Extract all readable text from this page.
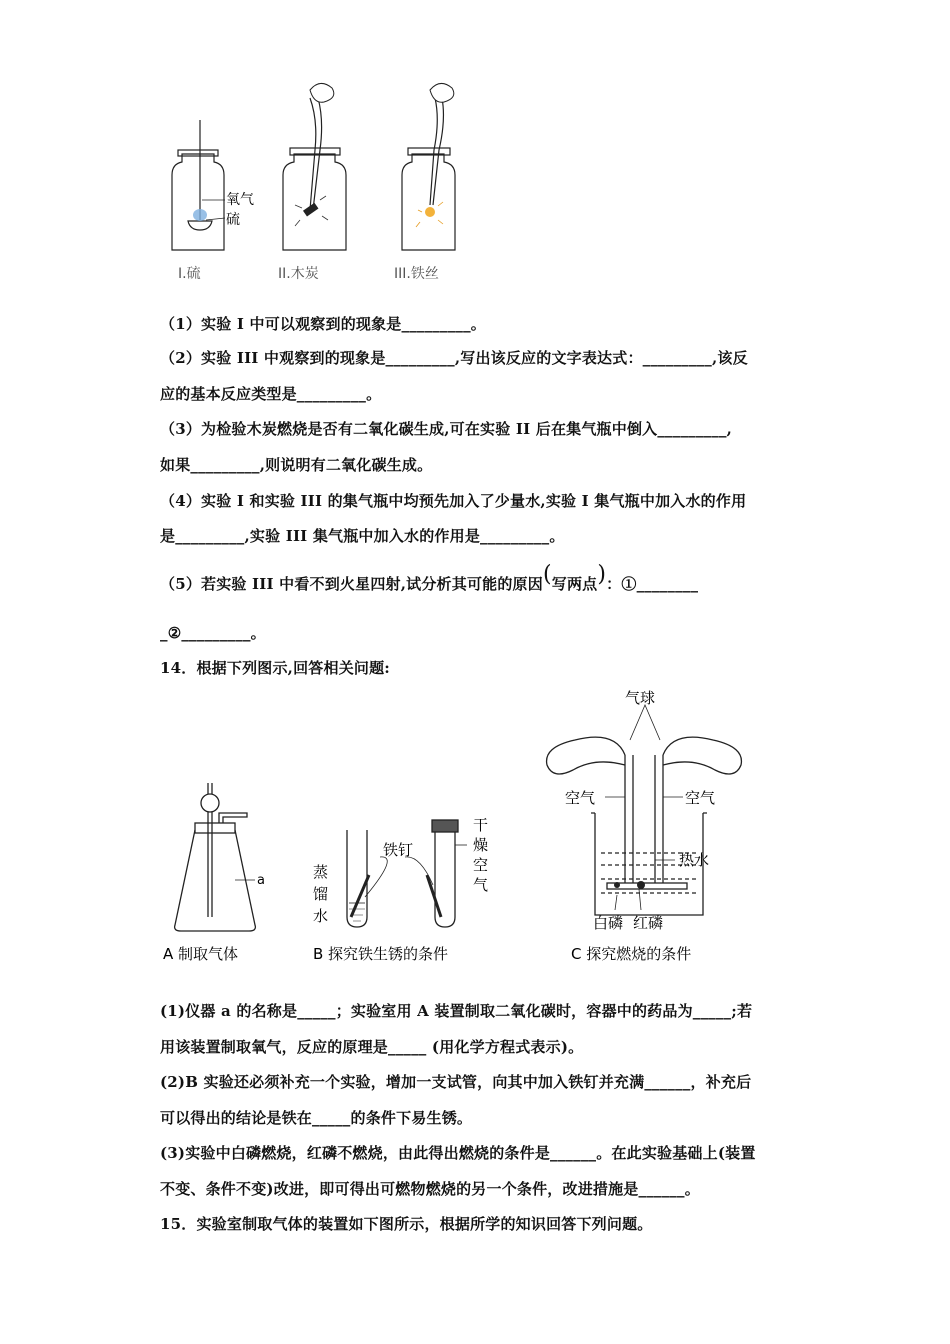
氧气
硫
I.硫	II.木炭	III.铁丝
（1）实验 I 中可以观察到的现象是_________。
（2）实验 III 中观察到的现象是_________,写出该反应的文字表达式：_________,该反
应的基本反应类型是_________。
（3）为检验木炭燃烧是否有二氧化碳生成,可在实验 II 后在集气瓶中倒入_________,
如果_________,则说明有二氧化碳生成。
（4）实验 I 和实验 III 的集气瓶中均预先加入了少量水,实验 I 集气瓶中加入水的作用
是_________,实验 III 集气瓶中加入水的作用是_________。
（5）若实验 III 中看不到火星四射,试分析其可能的原因(写两点)：①________
_②_________。
14．根据下列图示,回答相关问题:
a
A 制取气体
蒸
馏
水
铁钉
干
燥
空
气
B 探究铁生锈的条件
气球
空气	空气
热水
白磷 红磷
C 探究燃烧的条件
(1)仪器 a 的名称是_____；实验室用 A 装置制取二氧化碳时，容器中的药品为_____;若
用该装置制取氧气，反应的原理是_____ (用化学方程式表示)。
(2)B 实验还必须补充一个实验，增加一支试管，向其中加入铁钉并充满______，补充后
可以得出的结论是铁在_____的条件下易生锈。
(3)实验中白磷燃烧，红磷不燃烧，由此得出燃烧的条件是______。在此实验基础上(装置
不变、条件不变)改进，即可得出可燃物燃烧的另一个条件，改进措施是______。
15．实验室制取气体的装置如下图所示，根据所学的知识回答下列问题。
